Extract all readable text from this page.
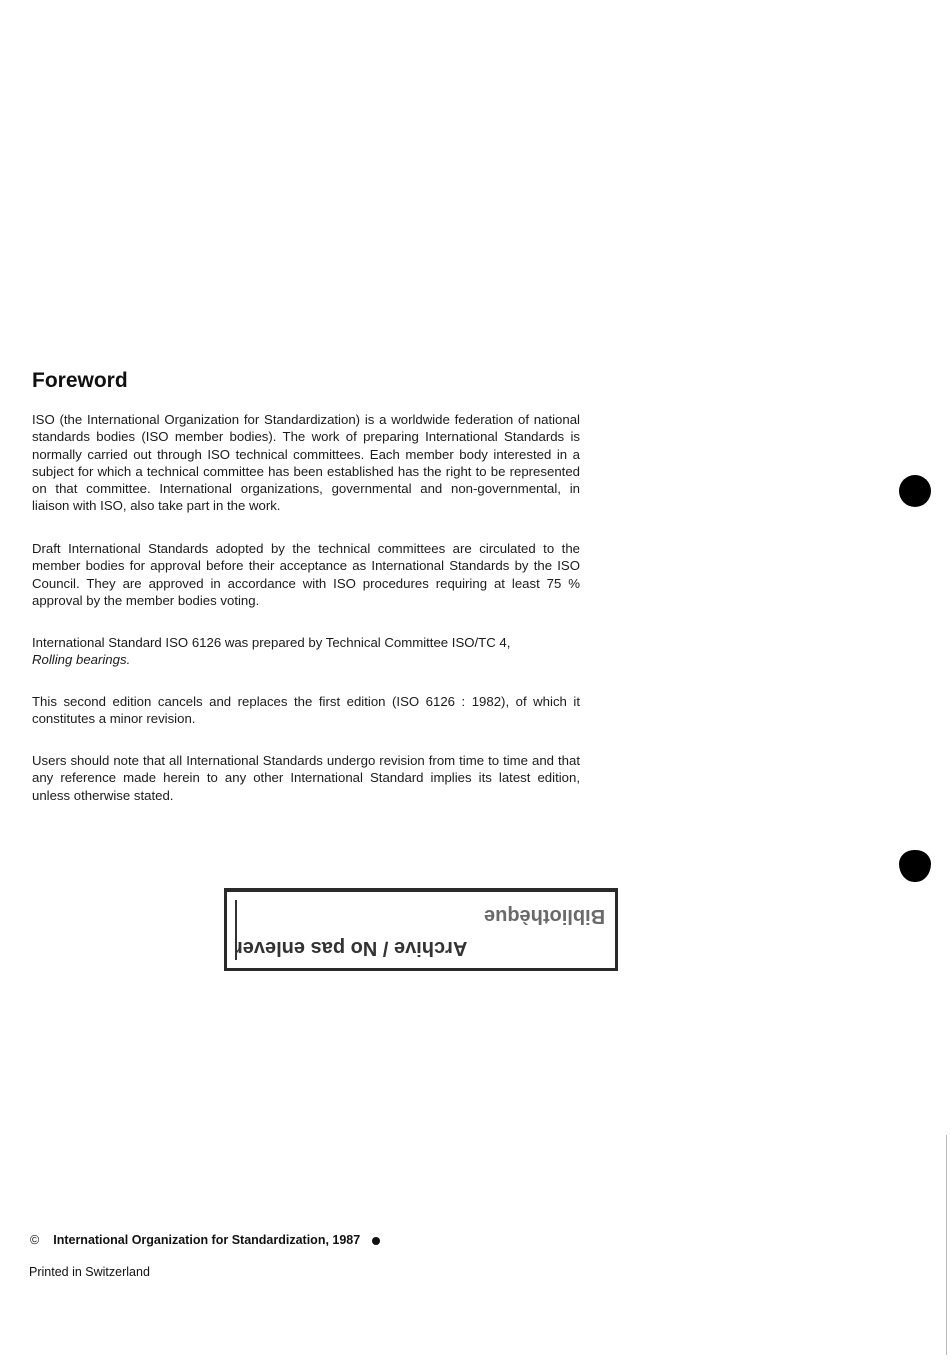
Foreword

ISO (the International Organization for Standardization) is a worldwide federation of national standards bodies (ISO member bodies). The work of preparing International Standards is normally carried out through ISO technical committees. Each member body interested in a subject for which a technical committee has been established has the right to be represented on that committee. International organizations, governmental and non-governmental, in liaison with ISO, also take part in the work.

Draft International Standards adopted by the technical committees are circulated to the member bodies for approval before their acceptance as International Standards by the ISO Council. They are approved in accordance with ISO procedures requiring at least 75 % approval by the member bodies voting.

International Standard ISO 6126 was prepared by Technical Committee ISO/TC 4,
Rolling bearings.

This second edition cancels and replaces the first edition (ISO 6126 : 1982), of which it constitutes a minor revision.

Users should note that all International Standards undergo revision from time to time and that any reference made herein to any other International Standard implies its latest edition, unless otherwise stated.

Bibliothèque
Archive / No pas enlever

© International Organization for Standardization, 1987

Printed in Switzerland
